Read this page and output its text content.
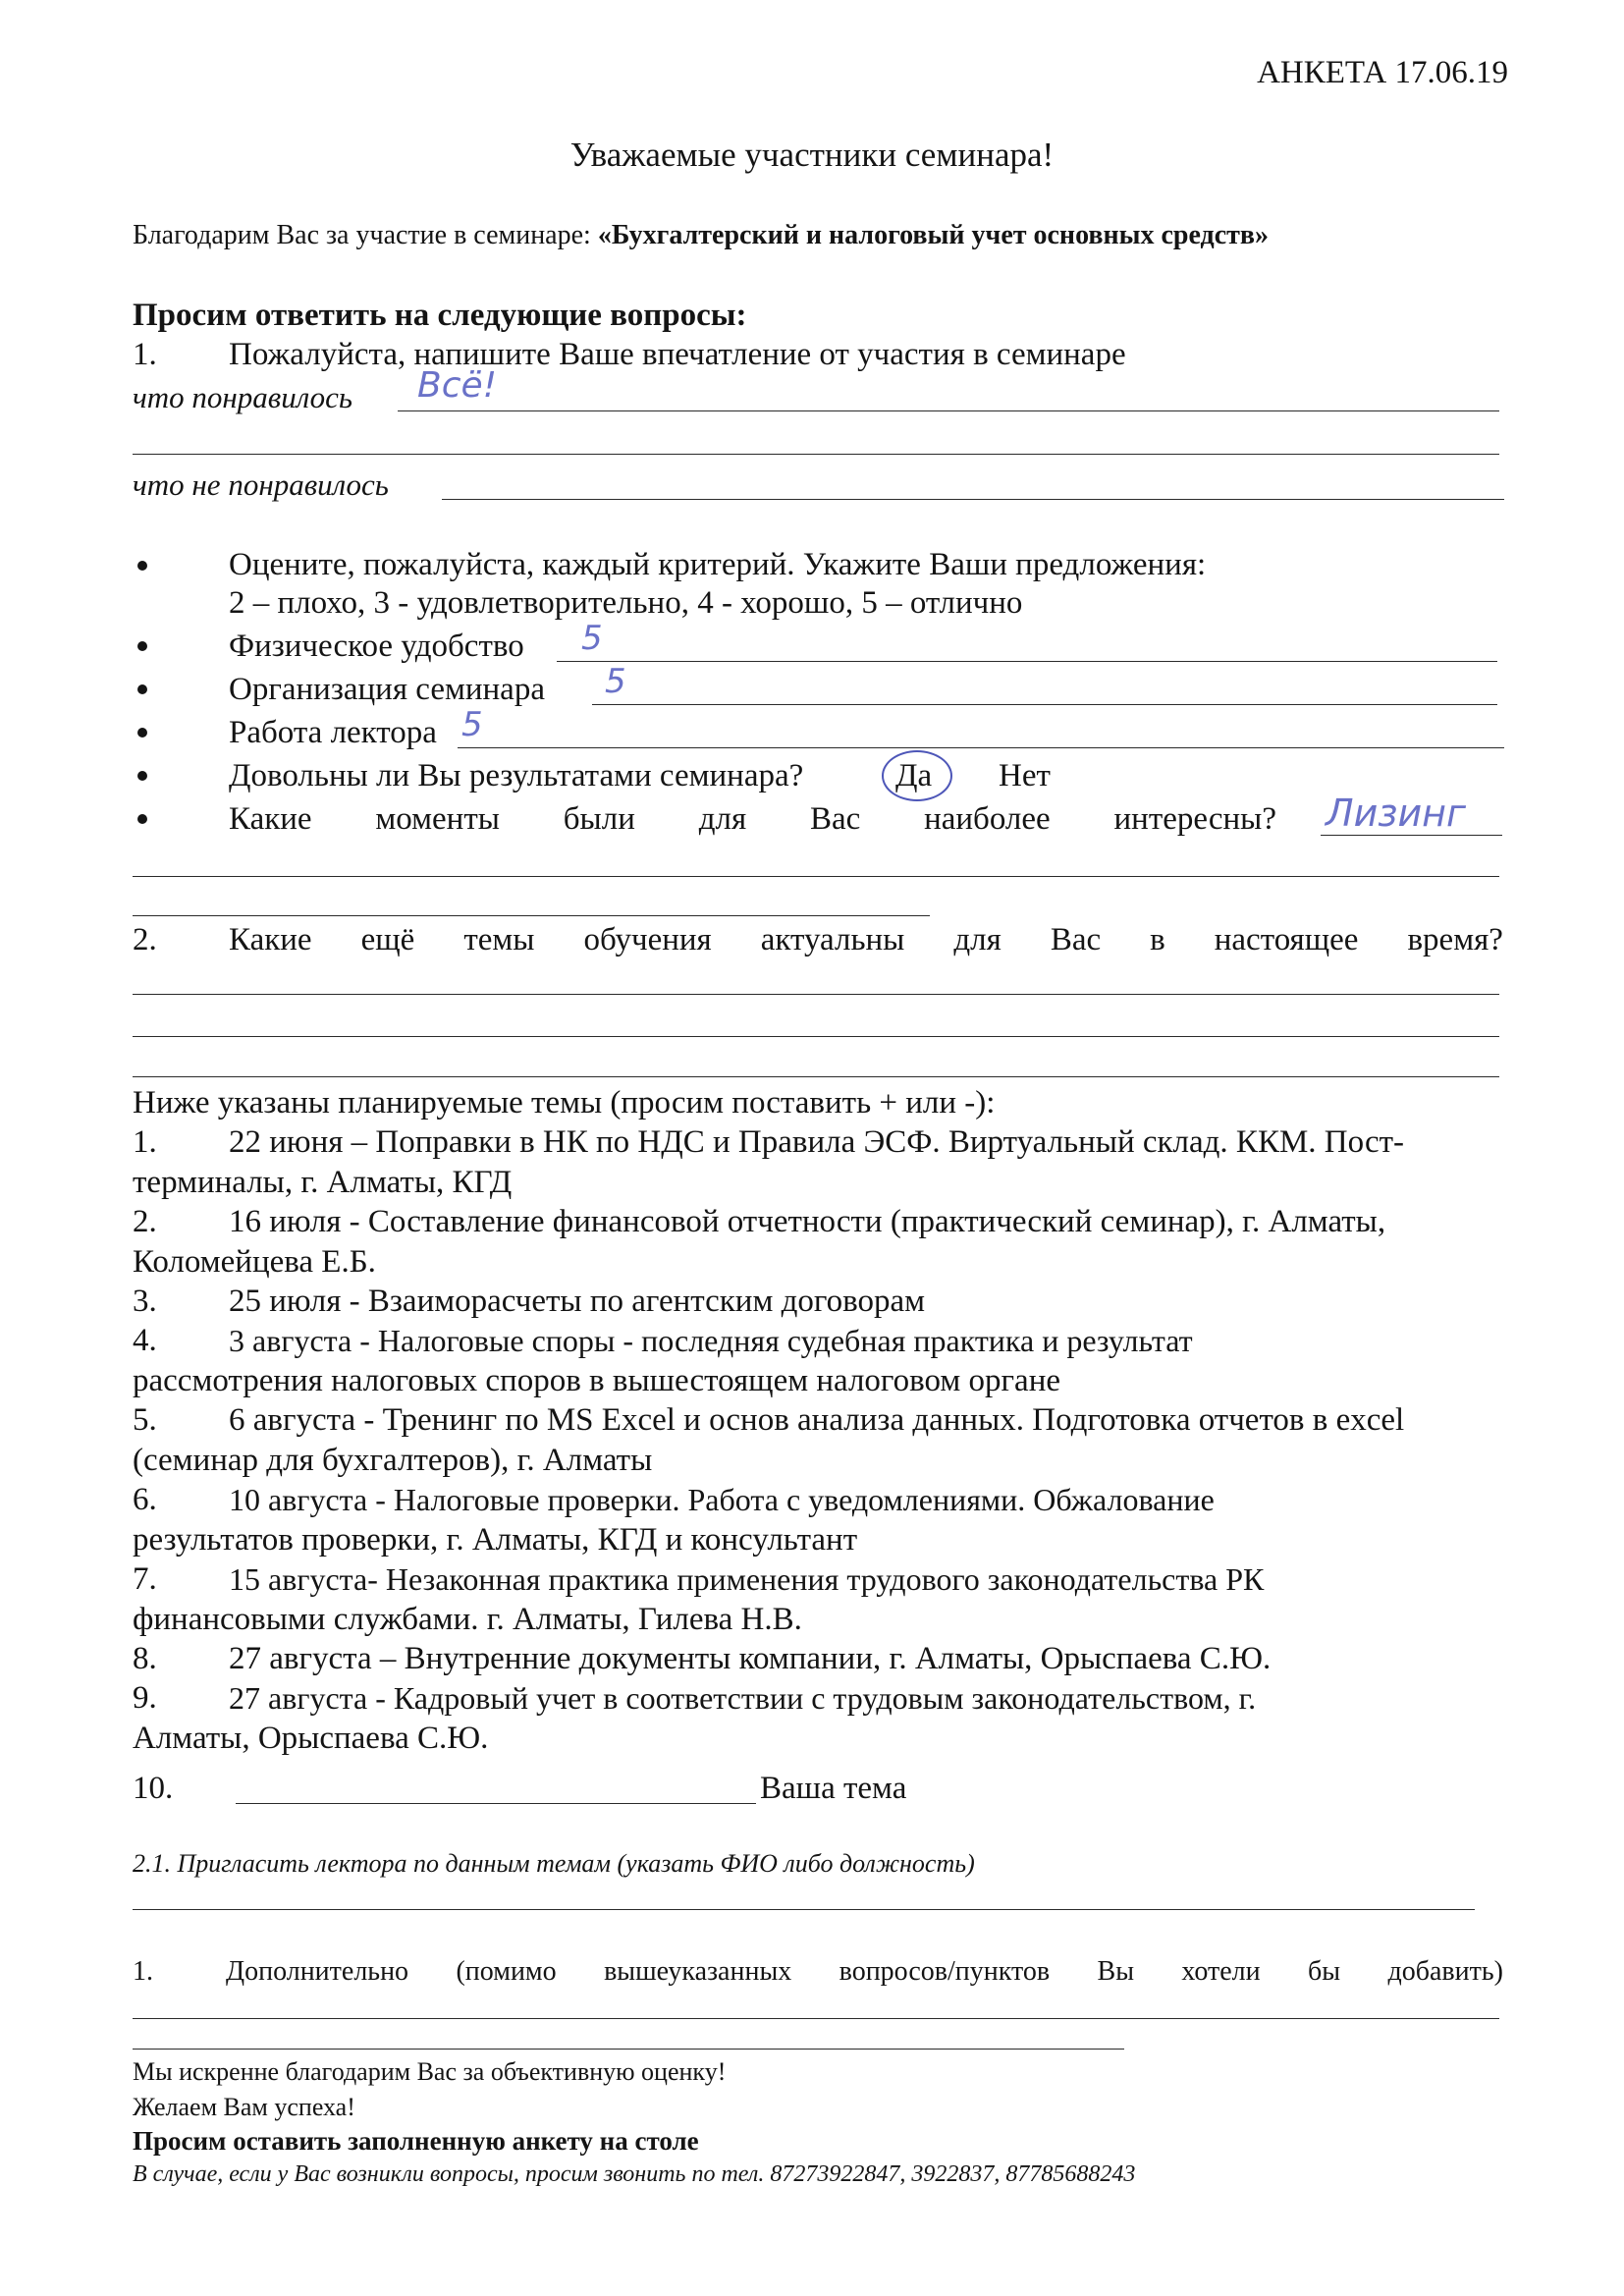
АНКЕТА 17.06.19
Уважаемые участники семинара!
Благодарим Вас за участие в семинаре: «Бухгалтерский и налоговый учет основных средств»
Просим ответить на следующие вопросы:
1. Пожалуйста, напишите Ваше впечатление от участия в семинаре
что понравилось Всё!
что не понравилось
Оцените, пожалуйста, каждый критерий. Укажите Ваши предложения:
2 – плохо, 3 - удовлетворительно, 4 - хорошо, 5 – отлично
Физическое удобство 5
Организация семинара 5
Работа лектора 5
Довольны ли Вы результатами семинара?	Да Нет
Какие моменты были для Вас наиболее интересны? Лизинг
2. Какие ещё темы обучения актуальны для Вас в настоящее время?
Ниже указаны планируемые темы (просим поставить + или -):
1. 22 июня – Поправки в НК по НДС и Правила ЭСФ. Виртуальный склад. ККМ. Пост-
терминалы, г. Алматы, КГД
2. 16 июля - Составление финансовой отчетности (практический семинар), г. Алматы,
Коломейцева Е.Б.
3. 25 июля - Взаиморасчеты по агентским договорам
4. 3 августа - Налоговые споры - последняя судебная практика и результат
рассмотрения налоговых споров в вышестоящем налоговом органе
5. 6 августа - Тренинг по MS Excel и основ анализа данных. Подготовка отчетов в excel
(семинар для бухгалтеров), г. Алматы
6. 10 августа - Налоговые проверки. Работа с уведомлениями. Обжалование
результатов проверки, г. Алматы, КГД и консультант
7. 15 августа- Незаконная практика применения трудового законодательства РК
финансовыми службами. г. Алматы, Гилева Н.В.
8. 27 августа – Внутренние документы компании, г. Алматы, Орыспаева С.Ю.
9. 27 августа - Кадровый учет в соответствии с трудовым законодательством, г.
Алматы, Орыспаева С.Ю.
10.	Ваша тема
2.1. Пригласить лектора по данным темам (указать ФИО либо должность)
1.	Дополнительно (помимо вышеуказанных вопросов/пунктов Вы хотели бы добавить)
Мы искренне благодарим Вас за объективную оценку!
Желаем Вам успеха!
Просим оставить заполненную анкету на столе
В случае, если у Вас возникли вопросы, просим звонить по тел. 87273922847, 3922837, 87785688243
